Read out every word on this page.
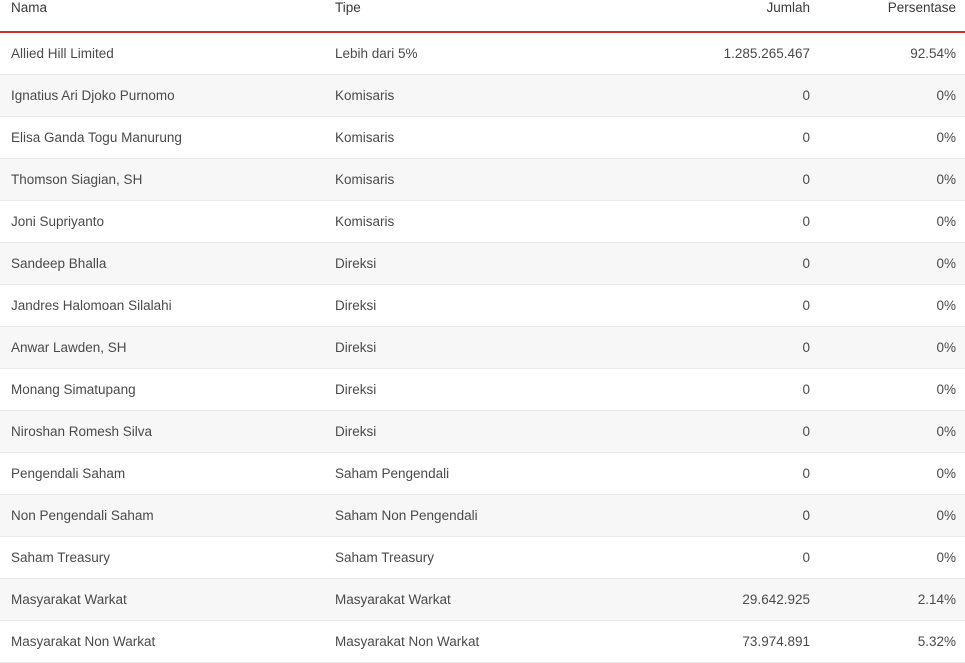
Nama	Tipe	Jumlah	Persentase
Allied Hill Limited	Lebih dari 5%	1.285.265.467	92.54%
Ignatius Ari Djoko Purnomo	Komisaris	0	0%
Elisa Ganda Togu Manurung	Komisaris	0	0%
Thomson Siagian, SH	Komisaris	0	0%
Joni Supriyanto	Komisaris	0	0%
Sandeep Bhalla	Direksi	0	0%
Jandres Halomoan Silalahi	Direksi	0	0%
Anwar Lawden, SH	Direksi	0	0%
Monang Simatupang	Direksi	0	0%
Niroshan Romesh Silva	Direksi	0	0%
Pengendali Saham	Saham Pengendali	0	0%
Non Pengendali Saham	Saham Non Pengendali	0	0%
Saham Treasury	Saham Treasury	0	0%
Masyarakat Warkat	Masyarakat Warkat	29.642.925	2.14%
Masyarakat Non Warkat	Masyarakat Non Warkat	73.974.891	5.32%
